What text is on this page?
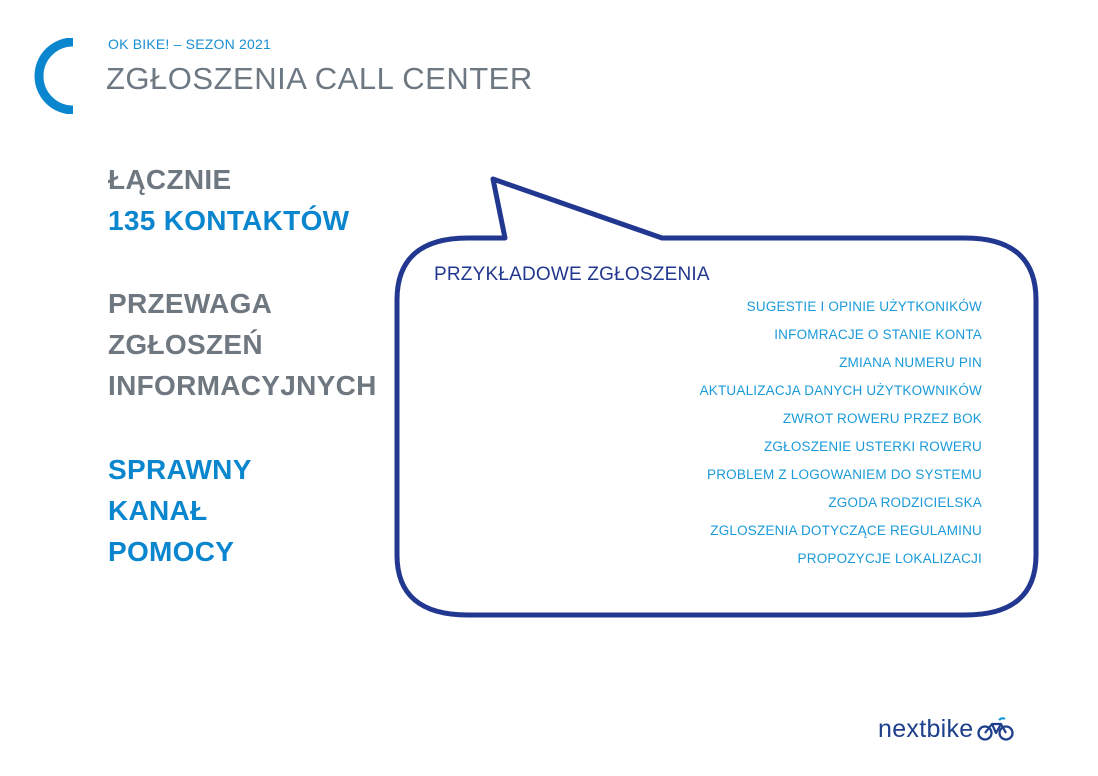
OK BIKE! – SEZON 2021
ZGŁOSZENIA CALL CENTER
ŁĄCZNIE
135 KONTAKTÓW
PRZEWAGA
ZGŁOSZEŃ
INFORMACYJNYCH
SPRAWNY
KANAŁ
POMOCY
PRZYKŁADOWE ZGŁOSZENIA
SUGESTIE I OPINIE UŻYTKONIKÓW
INFOMRACJE O STANIE KONTA
ZMIANA NUMERU PIN
AKTUALIZACJA DANYCH UŻYTKOWNIKÓW
ZWROT ROWERU PRZEZ BOK
ZGŁOSZENIE USTERKI ROWERU
PROBLEM Z LOGOWANIEM DO SYSTEMU
ZGODA RODZICIELSKA
ZGLOSZENIA DOTYCZĄCE REGULAMINU
PROPOZYCJE LOKALIZACJI
nextbike
